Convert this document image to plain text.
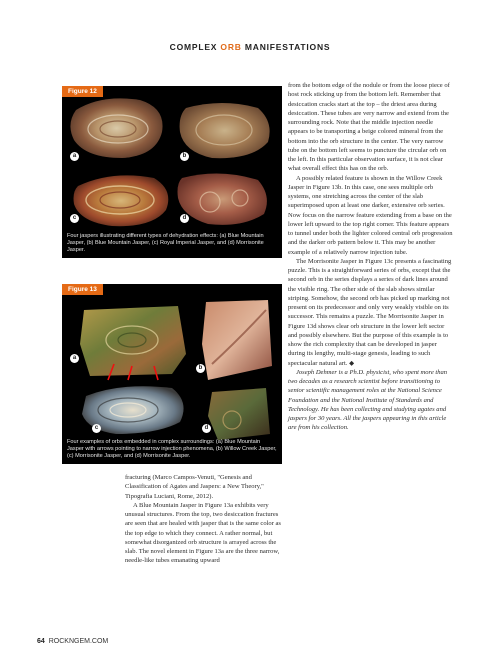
COMPLEX ORB MANIFESTATIONS
Figure 12
a	b
c	d
Four jaspers illustrating different types of dehydration effects: (a) Blue Mountain Jasper, (b) Blue Mountain Jasper, (c) Royal Imperial Jasper, and (d) Morrisonite Jasper.
Figure 13
a
b
c	d
Four examples of orbs embedded in complex surroundings: (a) Blue Mountain Jasper with arrows pointing to narrow injection phenomena, (b) Willow Creek Jasper, (c) Morrisonite Jasper, and (d) Morrisonite Jasper.

from the bottom edge of the nodule or from the loose piece of host rock sticking up from the bottom left. Remember that desiccation cracks start at the top – the driest area during desiccation. These tubes are very narrow and extend from the surrounding rock. Note that the middle injection needle appears to be transporting a beige colored mineral from the bottom into the orb structure in the center. The very narrow tube on the bottom left seems to puncture the circular orb on the left. In this particular observation surface, it is not clear what overall effect this has on the orb.

A possibly related feature is shown in the Willow Creek Jasper in Figure 13b. In this case, one sees multiple orb systems, one stretching across the center of the slab superimposed upon at least one darker, extensive orb series. Now focus on the narrow feature extending from a base on the lower left upward to the top right corner. This feature appears to tunnel under both the lighter colored central orb progression and the darker orb pattern below it. This may be another example of a relatively narrow injection tube.

The Morrisonite Jasper in Figure 13c presents a fascinating puzzle. This is a straightforward series of orbs, except that the second orb in the series displays a series of dark lines around the visible ring. The other side of the slab shows similar striping. Somehow, the second orb has picked up marking not present on its predecessor and only very weakly visible on its successor. This remains a puzzle. The Morrisonite Jasper in Figure 13d shows clear orb structure in the lower left sector and possibly elsewhere. But the purpose of this example is to show the rich complexity that can be developed in jasper during its lengthy, multi-stage genesis, leading to such spectacular natural art. ◆

Joseph Dehmer is a Ph.D. physicist, who spent more than two decades as a research scientist before transitioning to senior scientific management roles at the National Science Foundation and the National Institute of Standards and Technology. He has been collecting and studying agates and jaspers for 30 years. All the jaspers appearing in this article are from his collection.

fracturing (Marco Campos-Venuti, "Genesis and Classification of Agates and Jaspers: a New Theory," Tipografia Luciani, Rome, 2012).

A Blue Mountain Jasper in Figure 13a exhibits very unusual structures. From the top, two desiccation fractures are seen that are healed with jasper that is the same color as the top edge to which they connect. A rather normal, but somewhat disorganized orb structure is arrayed across the slab. The novel element in Figure 13a are the three narrow, needle-like tubes emanating upward

64 ROCKNGEM.COM
